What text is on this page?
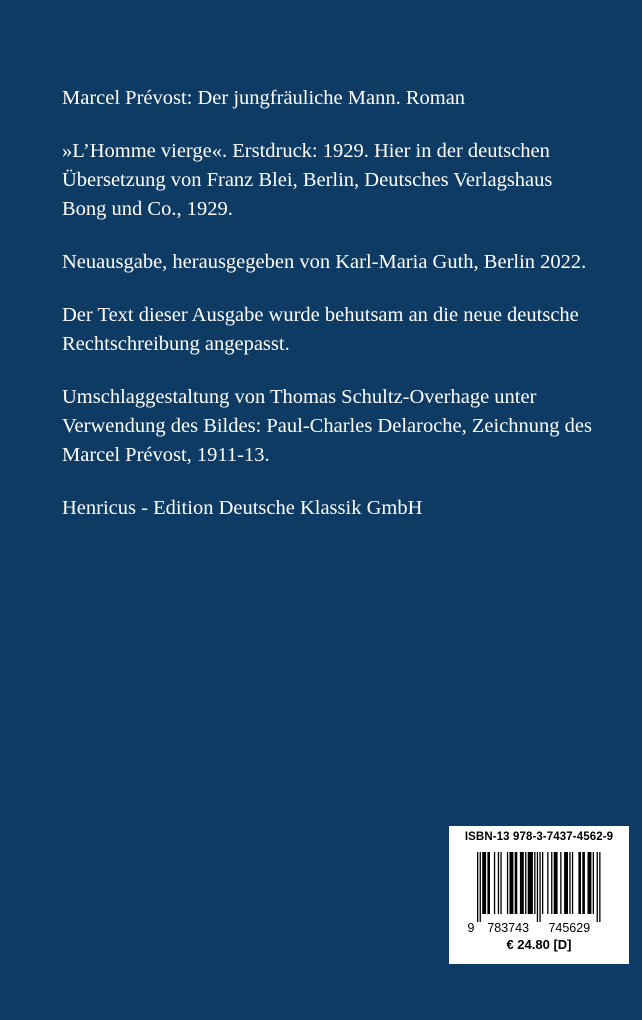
Marcel Prévost: Der jungfräuliche Mann. Roman

»L’Homme vierge«. Erstdruck: 1929. Hier in der deutschen
Übersetzung von Franz Blei, Berlin, Deutsches Verlagshaus
Bong und Co., 1929.

Neuausgabe, herausgegeben von Karl-Maria Guth, Berlin 2022.

Der Text dieser Ausgabe wurde behutsam an die neue deutsche
Rechtschreibung angepasst.

Umschlaggestaltung von Thomas Schultz-Overhage unter
Verwendung des Bildes: Paul-Charles Delaroche, Zeichnung des
Marcel Prévost, 1911-13.

Henricus - Edition Deutsche Klassik GmbH

ISBN-13 978-3-7437-4562-9
9 783743 745629
€ 24.80 [D]
